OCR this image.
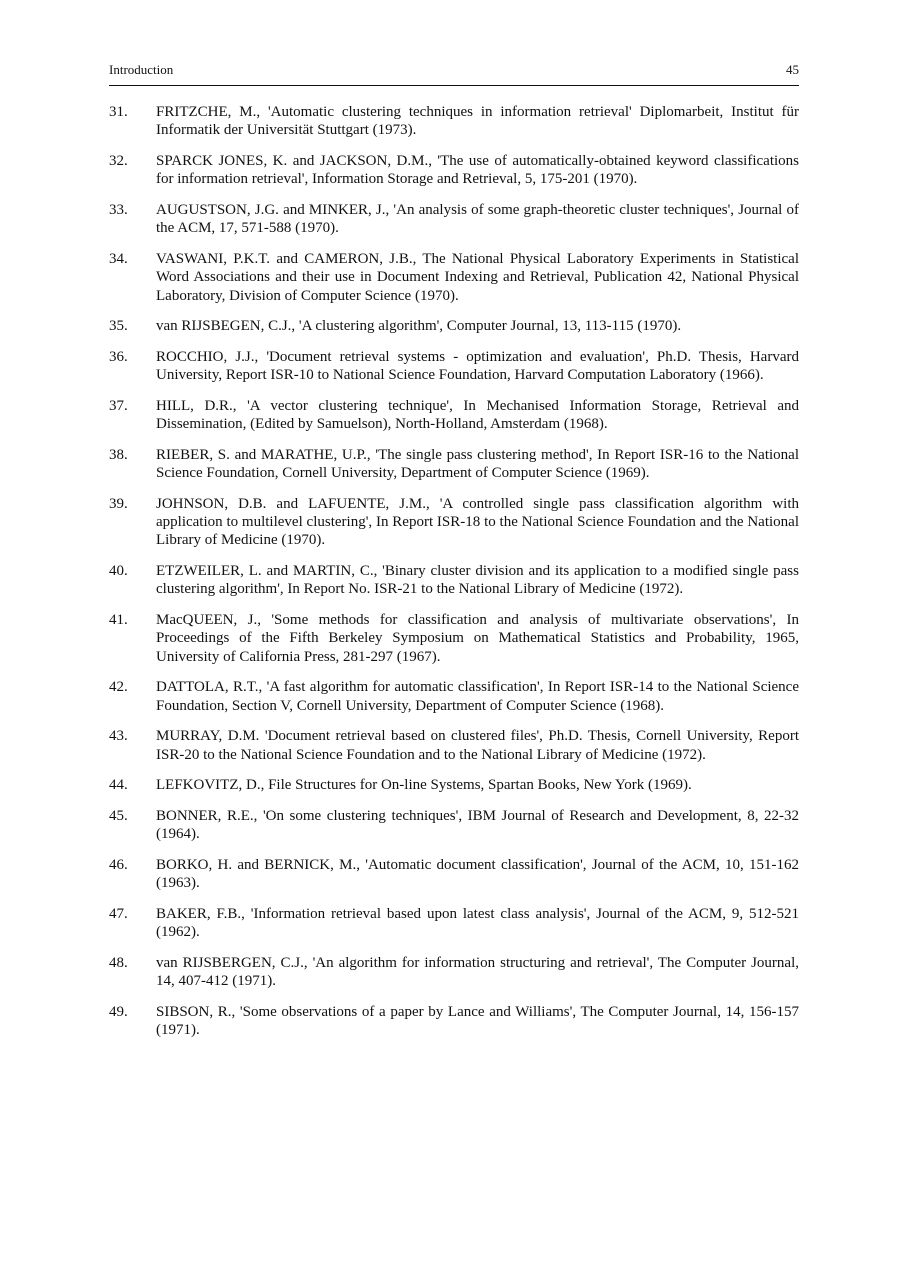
Introduction	45
31.	FRITZCHE, M., 'Automatic clustering techniques in information retrieval' Diplomarbeit, Institut für Informatik der Universität Stuttgart (1973).
32.	SPARCK JONES, K. and JACKSON, D.M., 'The use of automatically-obtained keyword classifications for information retrieval', Information Storage and Retrieval, 5, 175-201 (1970).
33.	AUGUSTSON, J.G. and MINKER, J., 'An analysis of some graph-theoretic cluster techniques', Journal of the ACM, 17, 571-588 (1970).
34.	VASWANI, P.K.T. and CAMERON, J.B., The National Physical Laboratory Experiments in Statistical Word Associations and their use in Document Indexing and Retrieval, Publication 42, National Physical Laboratory, Division of Computer Science (1970).
35.	van RIJSBEGEN, C.J., 'A clustering algorithm', Computer Journal, 13, 113-115 (1970).
36.	ROCCHIO, J.J., 'Document retrieval systems - optimization and evaluation', Ph.D. Thesis, Harvard University, Report ISR-10 to National Science Foundation, Harvard Computation Laboratory (1966).
37.	HILL, D.R., 'A vector clustering technique', In Mechanised Information Storage, Retrieval and Dissemination, (Edited by Samuelson), North-Holland, Amsterdam (1968).
38.	RIEBER, S. and MARATHE, U.P., 'The single pass clustering method', In Report ISR-16 to the National Science Foundation, Cornell University, Department of Computer Science (1969).
39.	JOHNSON, D.B. and LAFUENTE, J.M., 'A controlled single pass classification algorithm with application to multilevel clustering', In Report ISR-18 to the National Science Foundation and the National Library of Medicine (1970).
40.	ETZWEILER, L. and MARTIN, C., 'Binary cluster division and its application to a modified single pass clustering algorithm', In Report No. ISR-21 to the National Library of Medicine (1972).
41.	MacQUEEN, J., 'Some methods for classification and analysis of multivariate observations', In Proceedings of the Fifth Berkeley Symposium on Mathematical Statistics and Probability, 1965, University of California Press, 281-297 (1967).
42.	DATTOLA, R.T., 'A fast algorithm for automatic classification', In Report ISR-14 to the National Science Foundation, Section V, Cornell University, Department of Computer Science (1968).
43.	MURRAY, D.M. 'Document retrieval based on clustered files', Ph.D. Thesis, Cornell University, Report ISR-20 to the National Science Foundation and to the National Library of Medicine (1972).
44.	LEFKOVITZ, D., File Structures for On-line Systems, Spartan Books, New York (1969).
45.	BONNER, R.E., 'On some clustering techniques', IBM Journal of Research and Development, 8, 22-32 (1964).
46.	BORKO, H. and BERNICK, M., 'Automatic document classification', Journal of the ACM, 10, 151-162 (1963).
47.	BAKER, F.B., 'Information retrieval based upon latest class analysis', Journal of the ACM, 9, 512-521 (1962).
48.	van RIJSBERGEN, C.J., 'An algorithm for information structuring and retrieval', The Computer Journal, 14, 407-412 (1971).
49.	SIBSON, R., 'Some observations of a paper by Lance and Williams', The Computer Journal, 14, 156-157 (1971).
